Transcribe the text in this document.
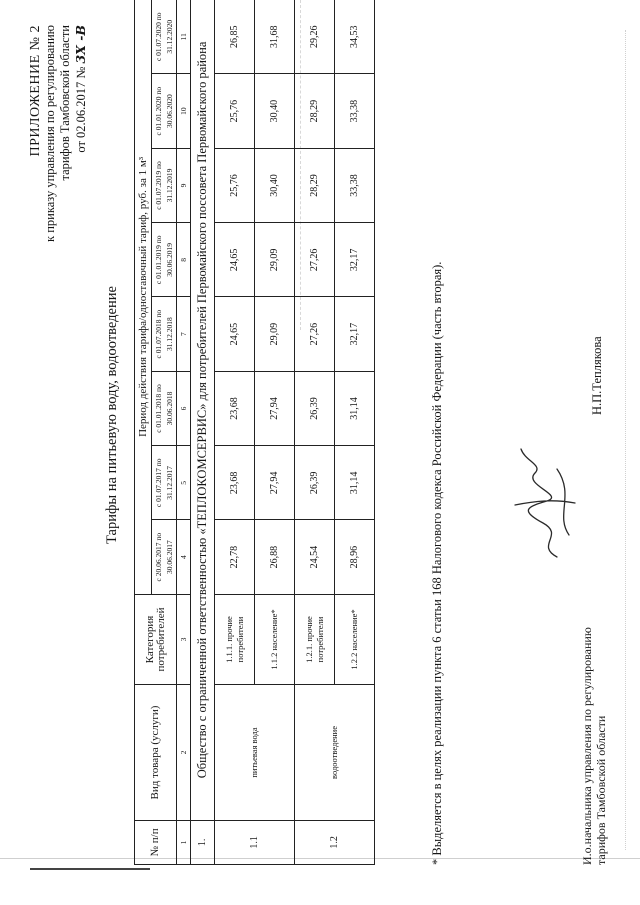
ПРИЛОЖЕНИЕ № 2 к приказу управления по регулированию тарифов Тамбовской области от 02.06.2017 № 3X -B
Тарифы на питьевую воду, водоотведение
№ п/п	Вид товара (услуги)	Категория потребителей	Период действия тарифа/одноставочный тариф, руб. за 1 м³							
			с 20.06.2017 по 30.06.2017	с 01.07.2017 по 31.12.2017	с 01.01.2018 по 30.06.2018	с 01.07.2018 по 31.12.2018	с 01.01.2019 по 30.06.2019	с 01.07.2019 по 31.12.2019	с 01.01.2020 по 30.06.2020	с 01.07.2020 по 31.12.2020
1	2	3	4	5	6	7	8	9	10	11
1.	Общество с ограниченной ответственностью «ТЕПЛОКОМСЕРВИС» для потребителей Первомайского поссовета Первомайского района									
1.1	питьевая вода	1.1.1. прочие потребители	22,78	23,68	23,68	24,65	24,65	25,76	25,76	26,85
		1.1.2 население*	26,88	27,94	27,94	29,09	29,09	30,40	30,40	31,68
1.2	водоотведение	1.2.1. прочие потребители	24,54	26,39	26,39	27,26	27,26	28,29	28,29	29,26
		1.2.2 население*	28,96	31,14	31,14	32,17	32,17	33,38	33,38	34,53
* Выделяется в целях реализации пункта 6 статьи 168 Налогового кодекса Российской Федерации (часть вторая).	И.о.начальника управления по регулированию тарифов Тамбовской области
Н.П.Теплякова
